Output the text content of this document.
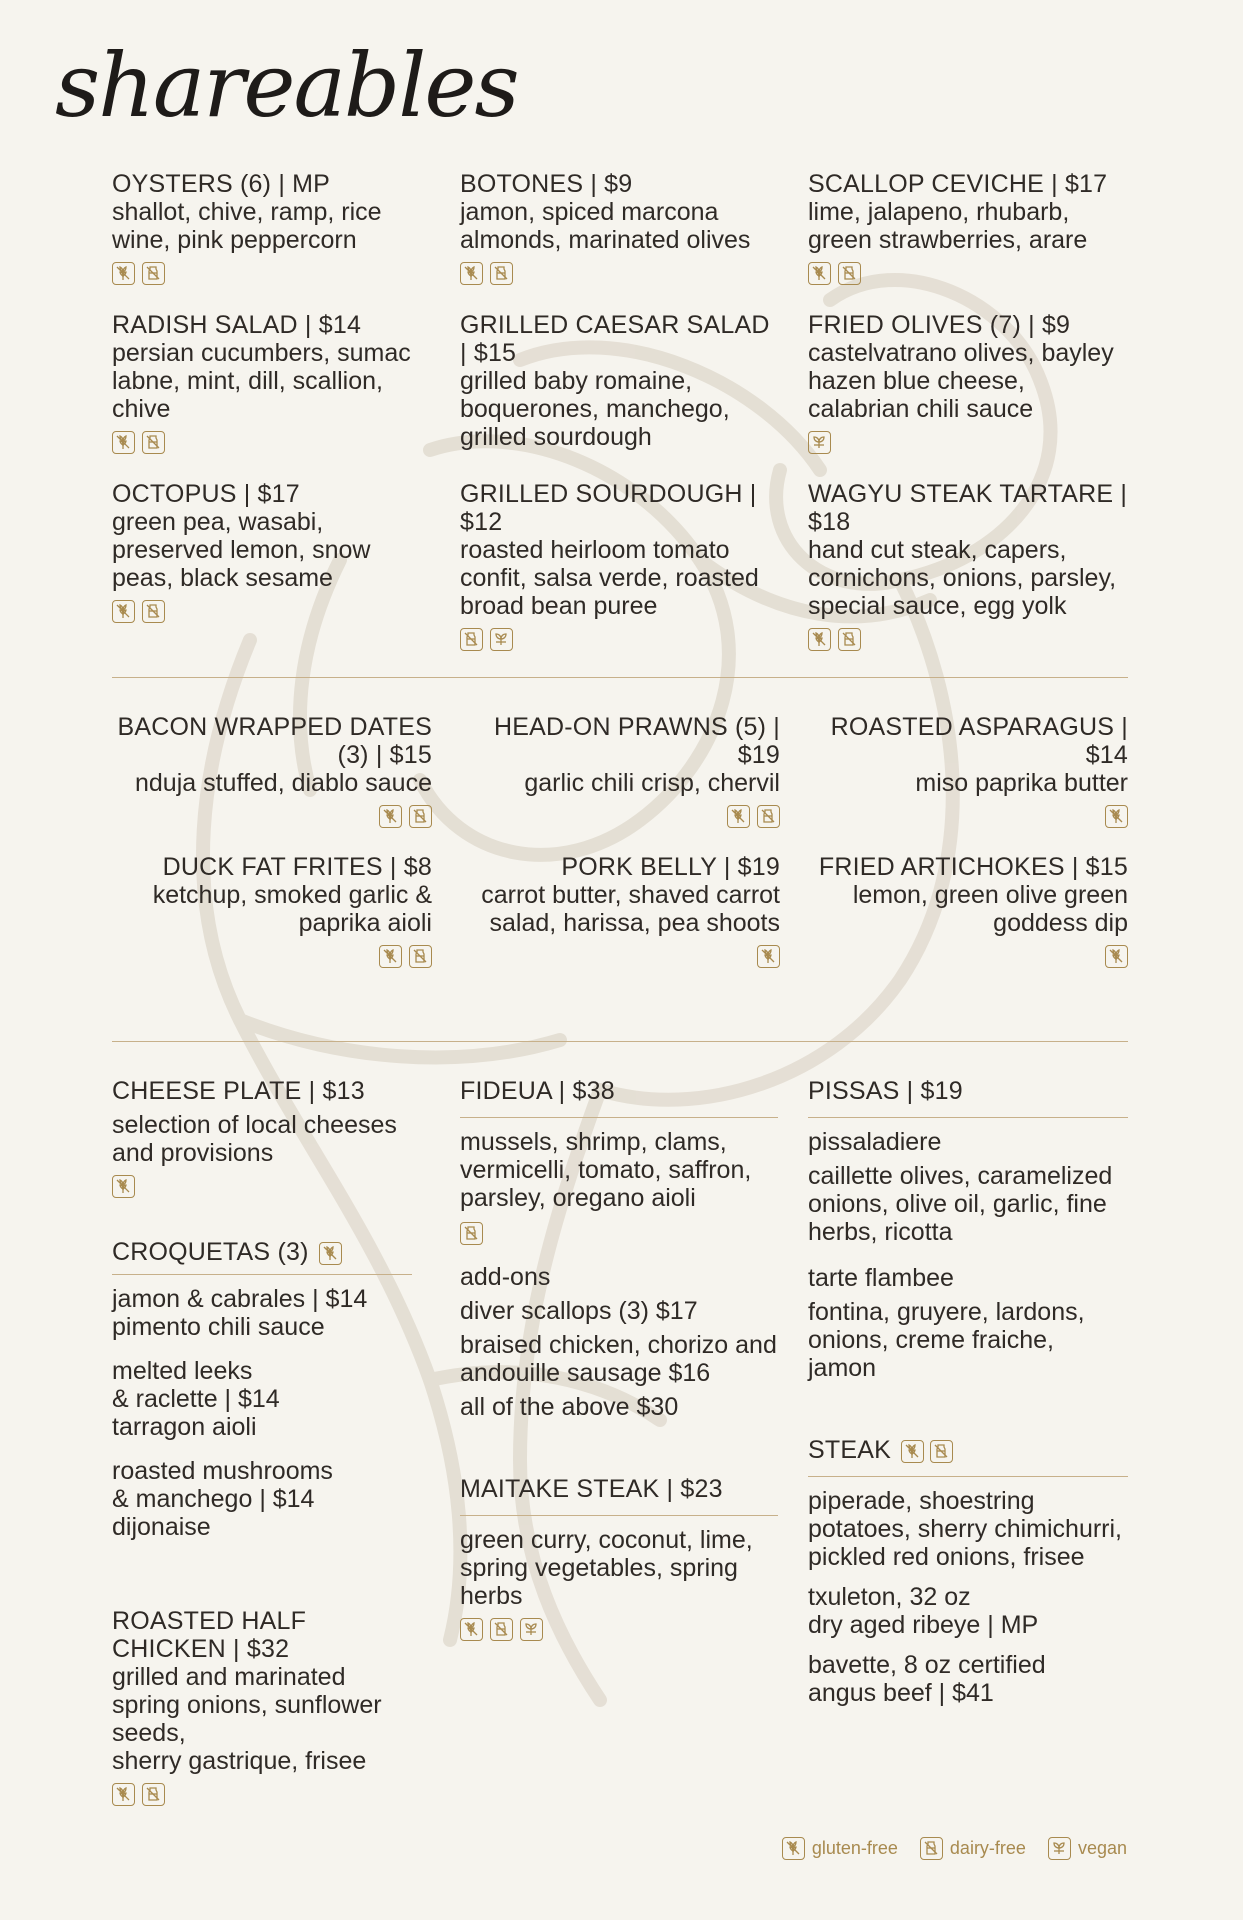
shareables
OYSTERS (6) | MP
shallot, chive, ramp, rice wine, pink peppercorn
BOTONES | $9
jamon, spiced marcona almonds, marinated olives
SCALLOP CEVICHE | $17
lime, jalapeno, rhubarb, green strawberries, arare
RADISH SALAD | $14
persian cucumbers, sumac labne, mint, dill, scallion, chive
GRILLED CAESAR SALAD | $15
grilled baby romaine, boquerones, manchego, grilled sourdough
FRIED OLIVES (7) | $9
castelvatrano olives, bayley hazen blue cheese, calabrian chili sauce
OCTOPUS | $17
green pea, wasabi, preserved lemon, snow peas, black sesame
GRILLED SOURDOUGH | $12
roasted heirloom tomato confit, salsa verde, roasted broad bean puree
WAGYU STEAK TARTARE | $18
hand cut steak, capers, cornichons, onions, parsley, special sauce, egg yolk
BACON WRAPPED DATES (3) | $15
nduja stuffed, diablo sauce
HEAD-ON PRAWNS (5) | $19
garlic chili crisp, chervil
ROASTED ASPARAGUS | $14
miso paprika butter
DUCK FAT FRITES | $8
ketchup, smoked garlic & paprika aioli
PORK BELLY | $19
carrot butter, shaved carrot salad, harissa, pea shoots
FRIED ARTICHOKES | $15
lemon, green olive green goddess dip
CHEESE PLATE | $13
selection of local cheeses and provisions
CROQUETAS (3)
jamon & cabrales | $14
pimento chili sauce
melted leeks
& raclette | $14
tarragon aioli
roasted mushrooms
& manchego | $14
dijonaise
ROASTED HALF CHICKEN | $32
grilled and marinated spring onions, sunflower seeds,
sherry gastrique, frisee
FIDEUA | $38
mussels, shrimp, clams, vermicelli, tomato, saffron, parsley, oregano aioli
add-ons
diver scallops (3) $17
braised chicken, chorizo and andouille sausage $16
all of the above $30
MAITAKE STEAK | $23
green curry, coconut, lime, spring vegetables, spring herbs
PISSAS | $19
pissaladiere
caillette olives, caramelized onions, olive oil, garlic, fine herbs, ricotta
tarte flambee
fontina, gruyere, lardons, onions, creme fraiche, jamon
STEAK
piperade, shoestring potatoes, sherry chimichurri, pickled red onions, frisee
txuleton, 32 oz
dry aged ribeye | MP
bavette, 8 oz certified
angus beef | $41
gluten-free	dairy-free	vegan
